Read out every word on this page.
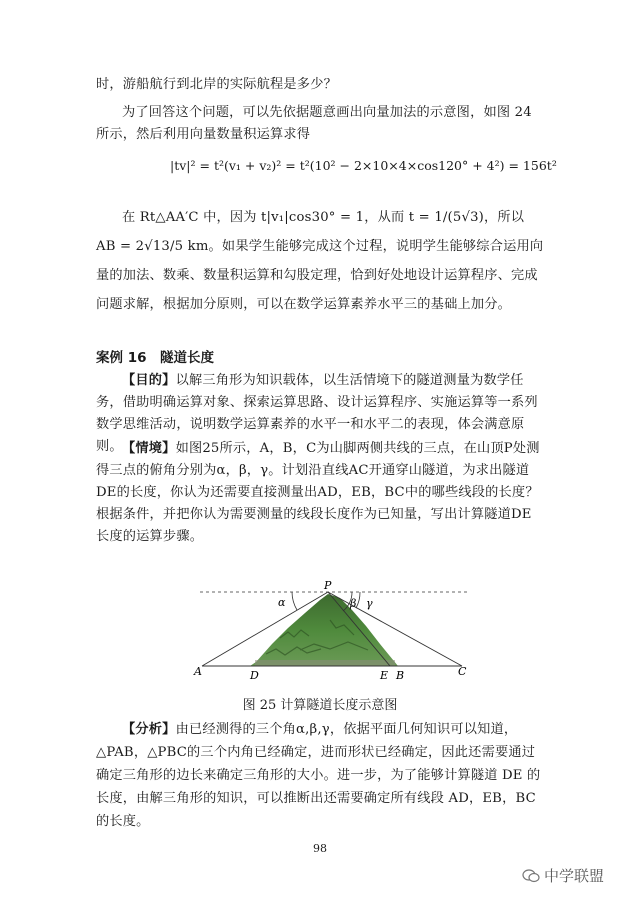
时，游船航行到北岸的实际航程是多少？
为了回答这个问题，可以先依据题意画出向量加法的示意图，如图 24 所示，然后利用向量数量积运算求得
|tv|² = t²(v₁ + v₂)² = t²(10² − 2×10×4×cos120° + 4²) = 156t²
在 Rt△AA′C 中，因为 t|v₁|cos30° = 1，从而 t = 1/(5√3)，所以 AB = 2√13/5 km。如果学生能够完成这个过程，说明学生能够综合运用向量的加法、数乘、数量积运算和勾股定理，恰到好处地设计运算程序、完成问题求解，根据加分原则，可以在数学运算素养水平三的基础上加分。
案例 16　隧道长度
【目的】以解三角形为知识载体，以生活情境下的隧道测量为数学任务，借助明确运算对象、探索运算思路、设计运算程序、实施运算等一系列数学思维活动，说明数学运算素养的水平一和水平二的表现，体会满意原则。 【情境】如图25所示，A，B，C为山脚两侧共线的三点，在山顶P处测得三点的俯角分别为α，β，γ。计划沿直线AC开通穿山隧道，为求出隧道DE的长度，你认为还需要直接测量出AD，EB，BC中的哪些线段的长度？根据条件，并把你认为需要测量的线段长度作为已知量，写出计算隧道DE 长度的运算步骤。
P
α	β γ
A	D	E B	C
图 25 计算隧道长度示意图
【分析】由已经测得的三个角α,β,γ，依据平面几何知识可以知道，△PAB，△PBC的三个内角已经确定，进而形状已经确定，因此还需要通过确定三角形的边长来确定三角形的大小。进一步，为了能够计算隧道 DE 的长度，由解三角形的知识，可以推断出还需要确定所有线段 AD，EB，BC 的长度。
98
中学联盟
